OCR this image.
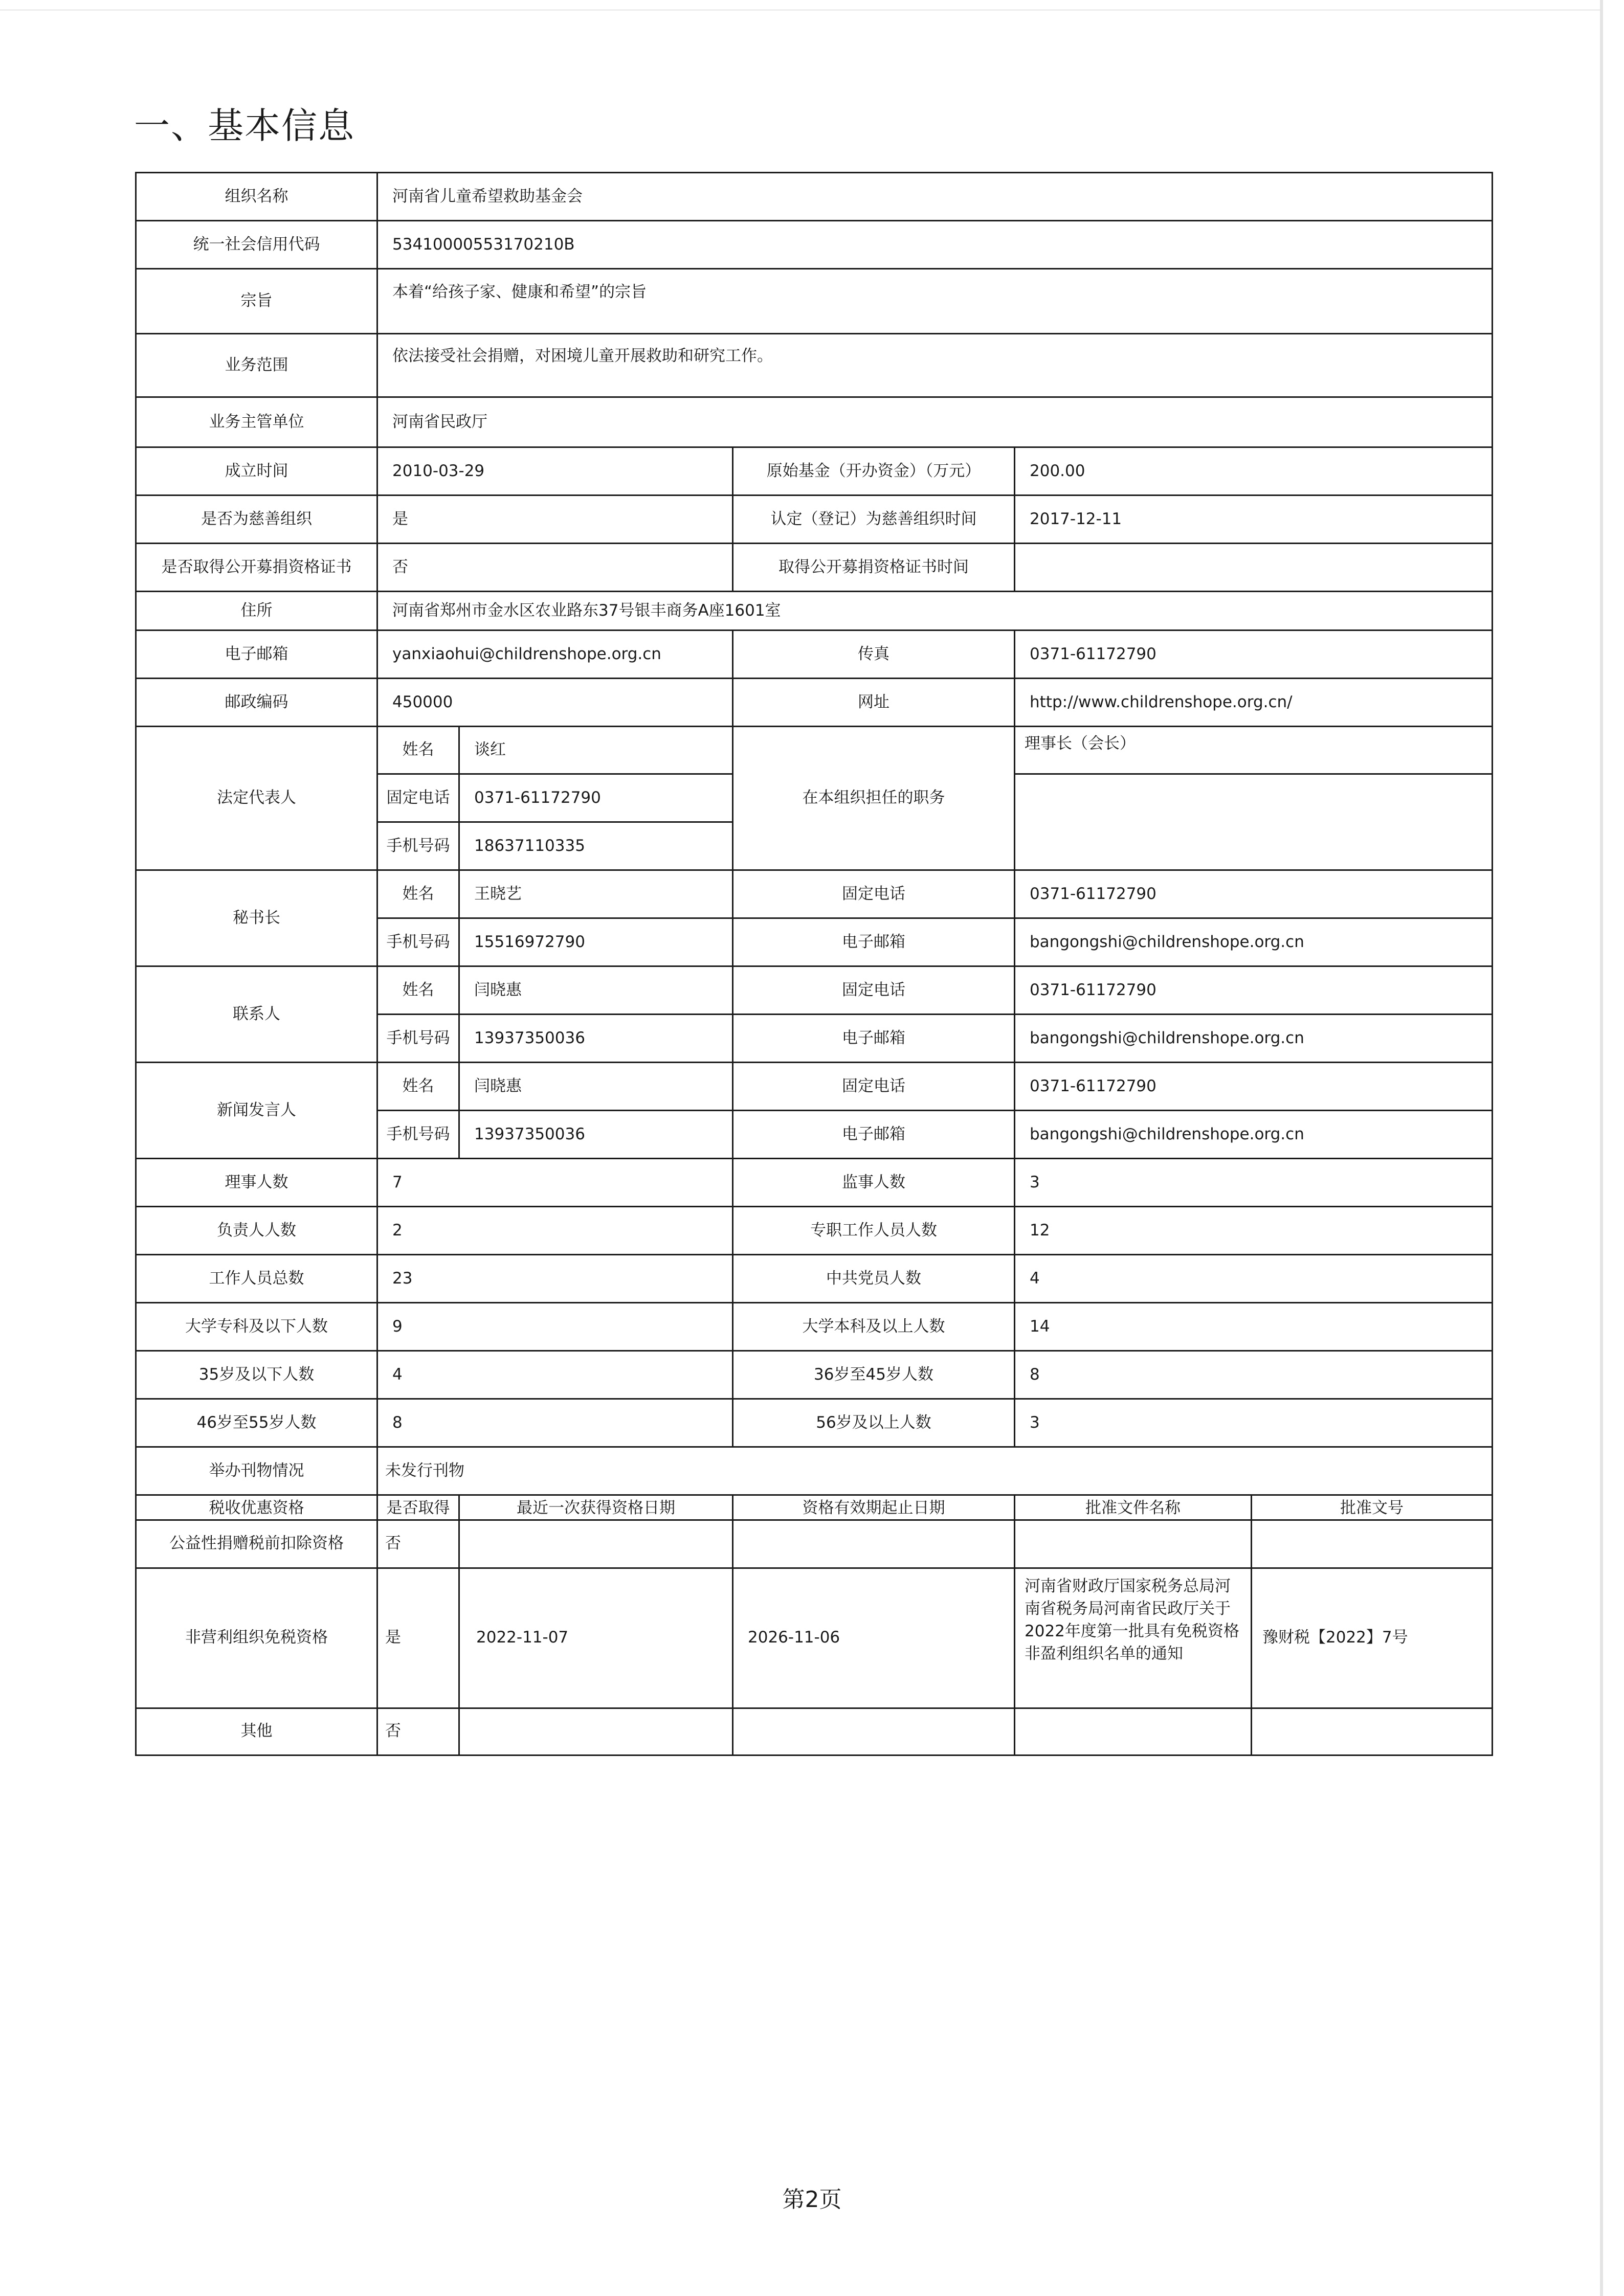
一、基本信息
组织名称	河南省儿童希望救助基金会				
统一社会信用代码	53410000553170210B				
宗旨	本着“给孩子家、健康和希望”的宗旨				
业务范围	依法接受社会捐赠，对困境儿童开展救助和研究工作。				
业务主管单位	河南省民政厅				
成立时间	2010-03-29		原始基金（开办资金）（万元）	200.00	
是否为慈善组织	是		认定（登记）为慈善组织时间	2017-12-11	
是否取得公开募捐资格证书	否		取得公开募捐资格证书时间		
住所	河南省郑州市金水区农业路东37号银丰商务A座1601室				
电子邮箱	yanxiaohui@childrenshope.org.cn		传真	0371-61172790	
邮政编码	450000		网址	http://www.childrenshope.org.cn/	
法定代表人	姓名	谈红	在本组织担任的职务	理事长（会长）	
	固定电话	0371-61172790			
	手机号码	18637110335			
秘书长	姓名	王晓艺	固定电话	0371-61172790	
	手机号码	15516972790	电子邮箱	bangongshi@childrenshope.org.cn	
联系人	姓名	闫晓惠	固定电话	0371-61172790	
	手机号码	13937350036	电子邮箱	bangongshi@childrenshope.org.cn	
新闻发言人	姓名	闫晓惠	固定电话	0371-61172790	
	手机号码	13937350036	电子邮箱	bangongshi@childrenshope.org.cn	
理事人数	7		监事人数	3	
负责人人数	2		专职工作人员人数	12	
工作人员总数	23		中共党员人数	4	
大学专科及以下人数	9		大学本科及以上人数	14	
35岁及以下人数	4		36岁至45岁人数	8	
46岁至55岁人数	8		56岁及以上人数	3	
举办刊物情况	未发行刊物				
税收优惠资格	是否取得	最近一次获得资格日期	资格有效期起止日期	批准文件名称	批准文号
公益性捐赠税前扣除资格	否				
非营利组织免税资格	是	2022-11-07	2026-11-06	河南省财政厅国家税务总局河南省税务局河南省民政厅关于2022年度第一批具有免税资格非盈利组织名单的通知	豫财税【2022】7号
其他	否				
第2页
